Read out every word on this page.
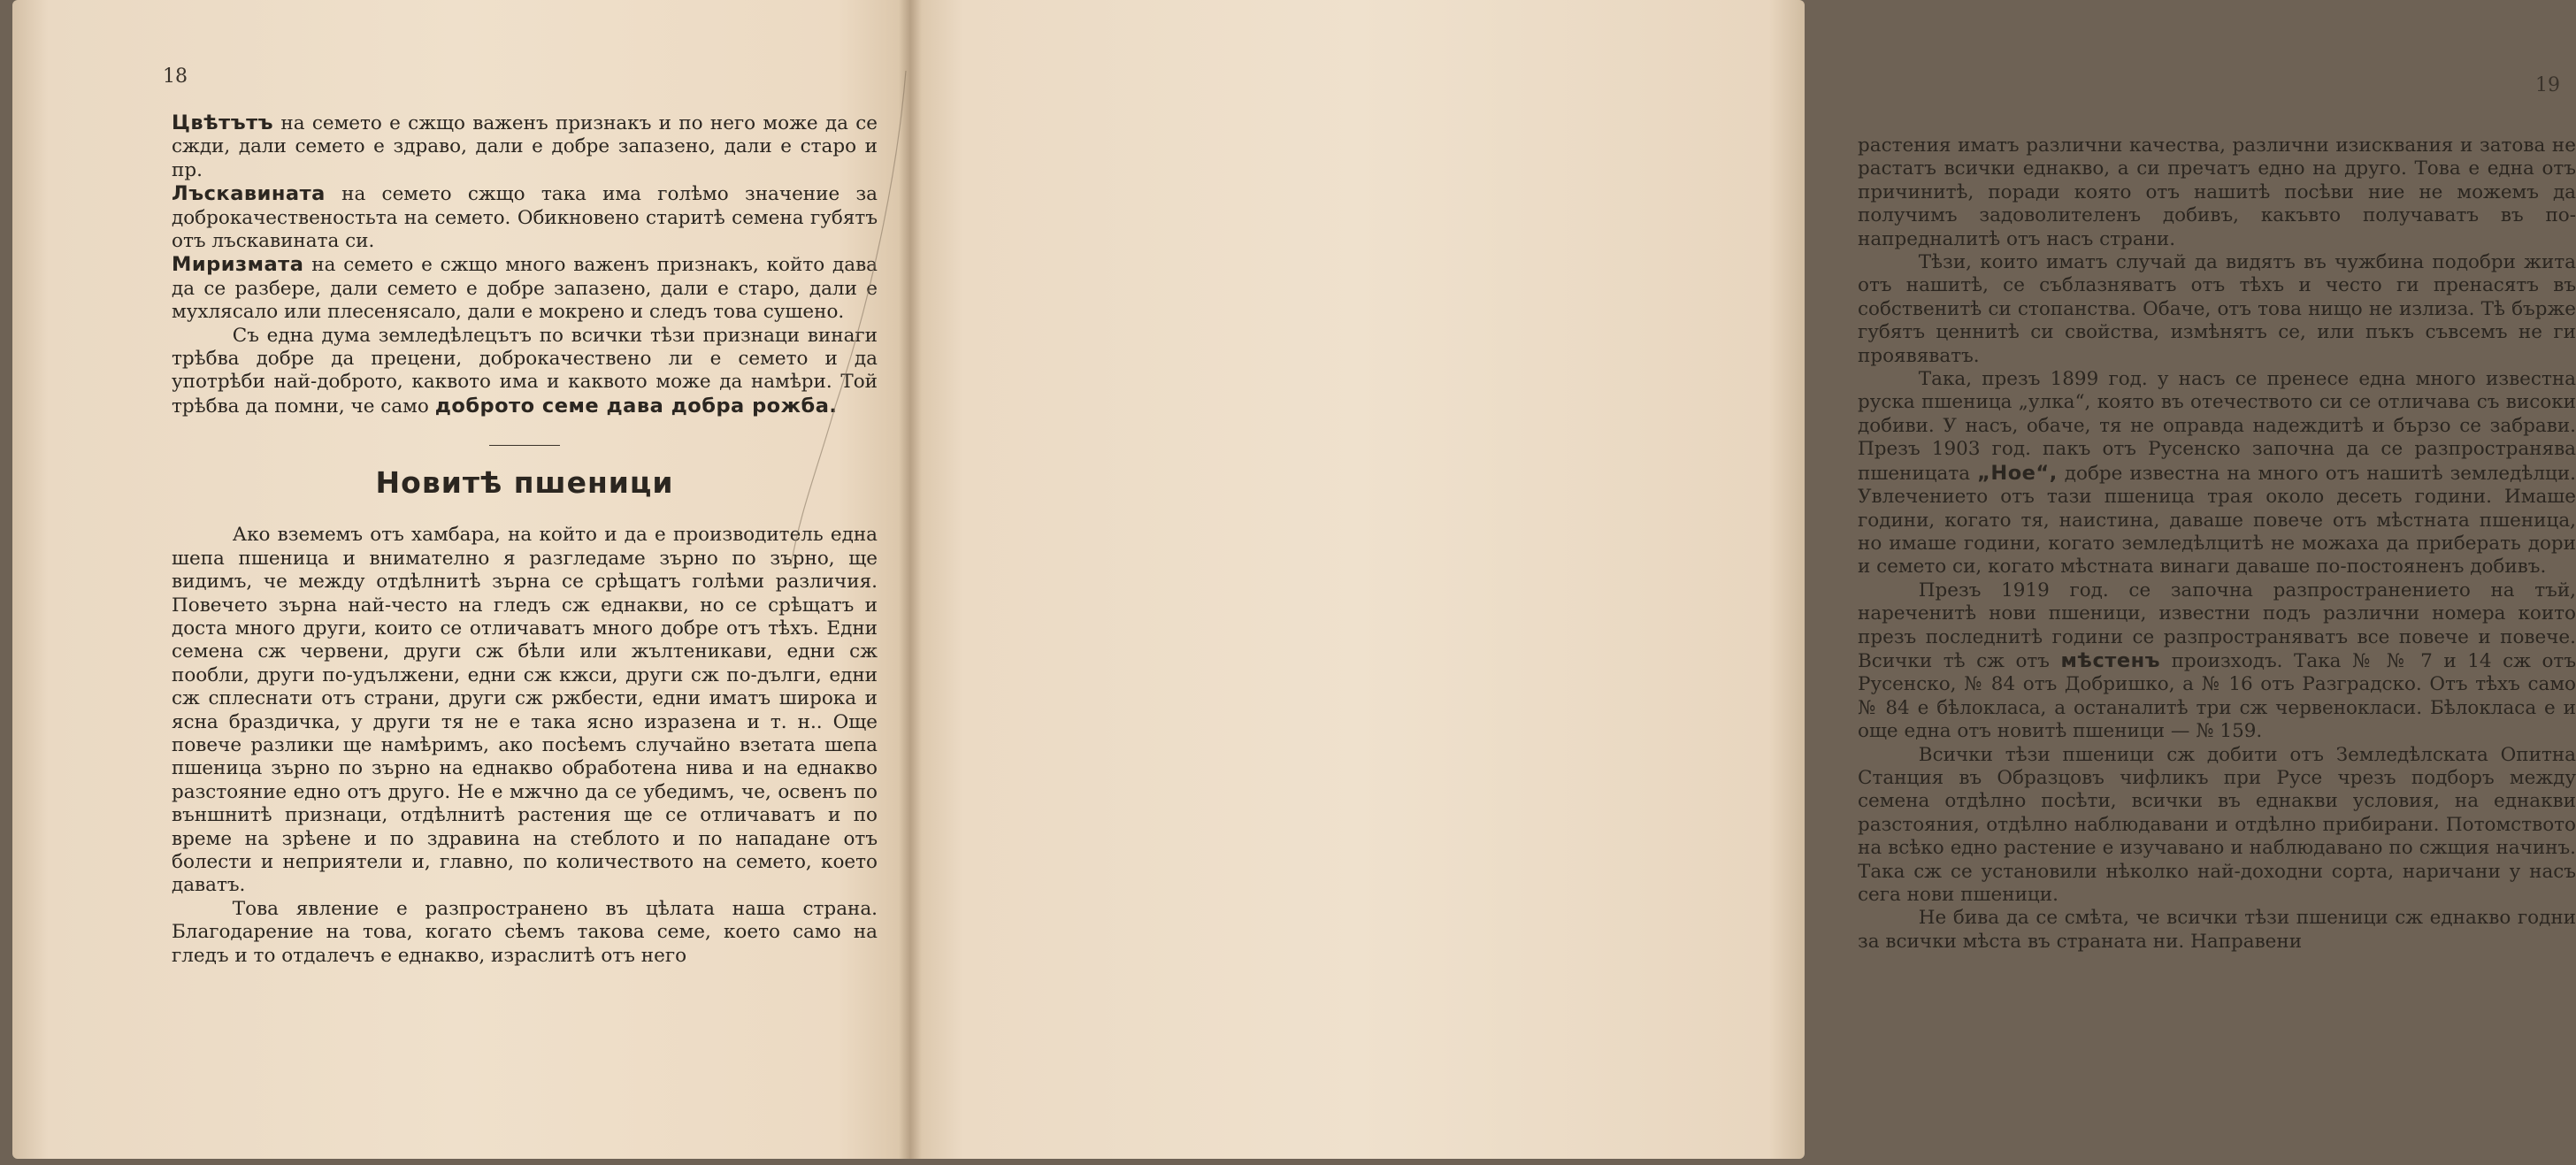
18

Цвѣтътъ на семето е сжщо важенъ признакъ и по него може да се сжди, дали семето е здраво, дали е добре запазено, дали е старо и пр.

Лъскавината на семето сжщо така има голѣмо значение за доброкачественостьта на семето. Обикновено старитѣ семена губятъ отъ лъскавината си.

Миризмата на семето е сжщо много важенъ признакъ, който дава да се разбере, дали семето е добре запазено, дали е старо, дали е мухлясало или плесенясало, дали е мокрено и следъ това сушено.

Съ една дума земледѣлецътъ по всички тѣзи признаци винаги трѣбва добре да прецени, доброкачествено ли е семето и да употрѣби най-доброто, каквото има и каквото може да намѣри. Той трѣбва да помни, че само доброто семе дава добра рожба.

Новитѣ пшеници

Ако вземемъ отъ хамбара, на който и да е производитель една шепа пшеница и внимателно я разгледаме зърно по зърно, ще видимъ, че между отдѣлнитѣ зърна се срѣщатъ голѣми различия. Повечето зърна най-често на гледъ сж еднакви, но се срѣщатъ и доста много други, които се отличаватъ много добре отъ тѣхъ. Едни семена сж червени, други сж бѣли или жълтеникави, едни сж пообли, други по-удължени, едни сж кжси, други сж по-дълги, едни сж сплеснати отъ страни, други сж ржбести, едни иматъ широка и ясна браздичка, у други тя не е така ясно изразена и т. н.. Още повече разлики ще намѣримъ, ако посѣемъ случайно взетата шепа пшеница зърно по зърно на еднакво обработена нива и на еднакво разстояние едно отъ друго. Не е мжчно да се убедимъ, че, освенъ по външнитѣ признаци, отдѣлнитѣ растения ще се отличаватъ и по време на зрѣене и по здравина на стеблото и по нападане отъ болести и неприятели и, главно, по количеството на семето, което даватъ.

Това явление е разпространено въ цѣлата наша страна. Благодарение на това, когато сѣемъ такова семе, което само на гледъ и то отдалечъ е еднакво, израслитѣ отъ него

19

растения иматъ различни качества, различни изисквания и затова не растатъ всички еднакво, а си пречатъ едно на друго. Това е една отъ причинитѣ, поради която отъ нашитѣ посѣви ние не можемъ да получимъ задоволителенъ добивъ, какъвто получаватъ въ по-напредналитѣ отъ насъ страни.

Тѣзи, които иматъ случай да видятъ въ чужбина подобри жита отъ нашитѣ, се съблазняватъ отъ тѣхъ и често ги пренасятъ въ собственитѣ си стопанства. Обаче, отъ това нищо не излиза. Тѣ бърже губятъ ценнитѣ си свойства, измѣнятъ се, или пъкъ съвсемъ не ги проявяватъ.

Така, презъ 1899 год. у насъ се пренесе една много известна руска пшеница „улка“, която въ отечеството си се отличава съ високи добиви. У насъ, обаче, тя не оправда надеждитѣ и бързо се забрави. Презъ 1903 год. пакъ отъ Русенско започна да се разпространява пшеницата „Ное“, добре известна на много отъ нашитѣ земледѣлци. Увлечението отъ тази пшеница трая около десеть години. Имаше години, когато тя, наистина, даваше повече отъ мѣстната пшеница, но имаше години, когато земледѣлцитѣ не можаха да приберать дори и семето си, когато мѣстната винаги даваше по-постояненъ добивъ.

Презъ 1919 год. се започна разпространението на тъй, нареченитѣ нови пшеници, известни подъ различни номера които презъ последнитѣ години се разпространяватъ все повече и повече. Всички тѣ сж отъ мѣстенъ произходъ. Така № № 7 и 14 сж отъ Русенско, № 84 отъ Добришко, а № 16 отъ Разградско. Отъ тѣхъ само № 84 е бѣлокласа, а останалитѣ три сж червенокласи. Бѣлокласа е и още една отъ новитѣ пшеници — № 159.

Всички тѣзи пшеници сж добити отъ Земледѣлската Опитна Станция въ Образцовъ чифликъ при Русе чрезъ подборъ между семена отдѣлно посѣти, всички въ еднакви условия, на еднакви разстояния, отдѣлно наблюдавани и отдѣлно прибирани. Потомството на всѣко едно растение е изучавано и наблюдавано по сжщия начинъ. Така сж се установили нѣколко най-доходни сорта, наричани у насъ сега нови пшеници.

Не бива да се смѣта, че всички тѣзи пшеници сж еднакво годни за всички мѣста въ страната ни. Направени
